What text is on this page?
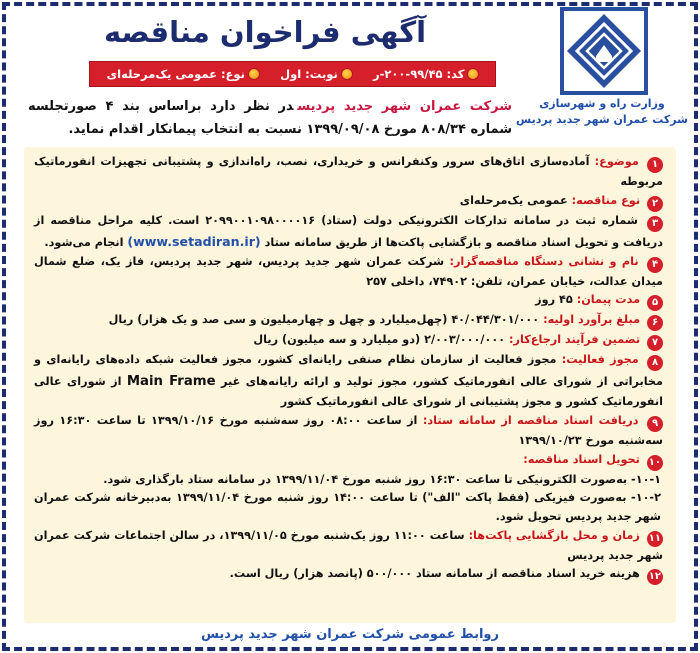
وزارت راه و شهرسازی
شرکت عمران شهر جدید پردیس
آگهی فراخوان مناقصه
کد: ۹۹/۴۵-۲۰۰-ر
نوبت: اول
نوع: عمومی یک‌مرحله‌ای

شرکت عمران شهر جدید پردیسدر نظر دارد براساس بند ۴ صورتجلسه شماره ۸۰۸/۳۴ مورخ ۱۳۹۹/۰۹/۰۸ نسبت به انتخاب پیمانکار اقدام نماید.

۱ موضوع: آماده‌سازی اتاق‌های سرور وکنفرانس و خریداری، نصب، راه‌اندازی و پشتیبانی تجهیزات انفورماتیک مربوطه

۲ نوع مناقصه: عمومی یک‌مرحله‌ای

۳ شماره ثبت در سامانه تدارکات الکترونیکی دولت (ستاد) ۲۰۹۹۰۰۱۰۹۸۰۰۰۰۱۶ است. کلیه مراحل مناقصه از دریافت و تحویل اسناد مناقصه و بازگشایی پاکت‌ها از طریق سامانه ستاد (www.setadiran.ir) انجام می‌شود.

۴ نام و نشانی دستگاه مناقصه‌گزار: شرکت عمران شهر جدید پردیس، شهر جدید پردیس، فاز یک، ضلع شمال میدان عدالت، خیابان عمران، تلفن: ۷۴۹۰۲، داخلی ۲۵۷

۵ مدت پیمان: ۴۵ روز

۶ مبلغ برآورد اولیه: ۴۰/۰۴۴/۳۰۱/۰۰۰ (چهل‌میلیارد و چهل و چهارمیلیون و سی صد و یک هزار) ریال

۷ تضمین فرآیند ارجاع‌کار: ۲/۰۰۳/۰۰۰/۰۰۰ (دو میلیارد و سه میلیون) ریال

۸ مجوز فعالیت: مجوز فعالیت از سازمان نظام صنفی رایانه‌ای کشور، مجوز فعالیت شبکه داده‌های رایانه‌ای و مخابراتی از شورای عالی انفورماتیک کشور، مجوز تولید و ارائه رایانه‌های غیر Main Frame از شورای عالی انفورماتیک کشور و مجوز پشتیبانی از شورای عالی انفورماتیک کشور

۹ دریافت اسناد مناقصه از سامانه ستاد: از ساعت ۰۸:۰۰ روز سه‌شنبه مورخ ۱۳۹۹/۱۰/۱۶ تا ساعت ۱۶:۳۰ روز سه‌شنبه مورخ ۱۳۹۹/۱۰/۲۳

۱۰ تحویل اسناد مناقصه:

۱۰-۱- به‌صورت الکترونیکی تا ساعت ۱۶:۳۰ روز شنبه مورخ ۱۳۹۹/۱۱/۰۴ در سامانه ستاد بارگذاری شود.

۱۰-۲- به‌صورت فیزیکی (فقط پاکت "الف") تا ساعت ۱۴:۰۰ روز شنبه مورخ ۱۳۹۹/۱۱/۰۴ به‌دبیرخانه شرکت عمران شهر جدید پردیس تحویل شود.

۱۱ زمان و محل بازگشایی پاکت‌ها: ساعت ۱۱:۰۰ روز یک‌شنبه مورخ ۱۳۹۹/۱۱/۰۵، در سالن اجتماعات شرکت عمران شهر جدید پردیس

۱۲ هزینه خرید اسناد مناقصه از سامانه ستاد ۵۰۰/۰۰۰ (پانصد هزار) ریال است.

روابط عمومی شرکت عمران شهر جدید پردیس
